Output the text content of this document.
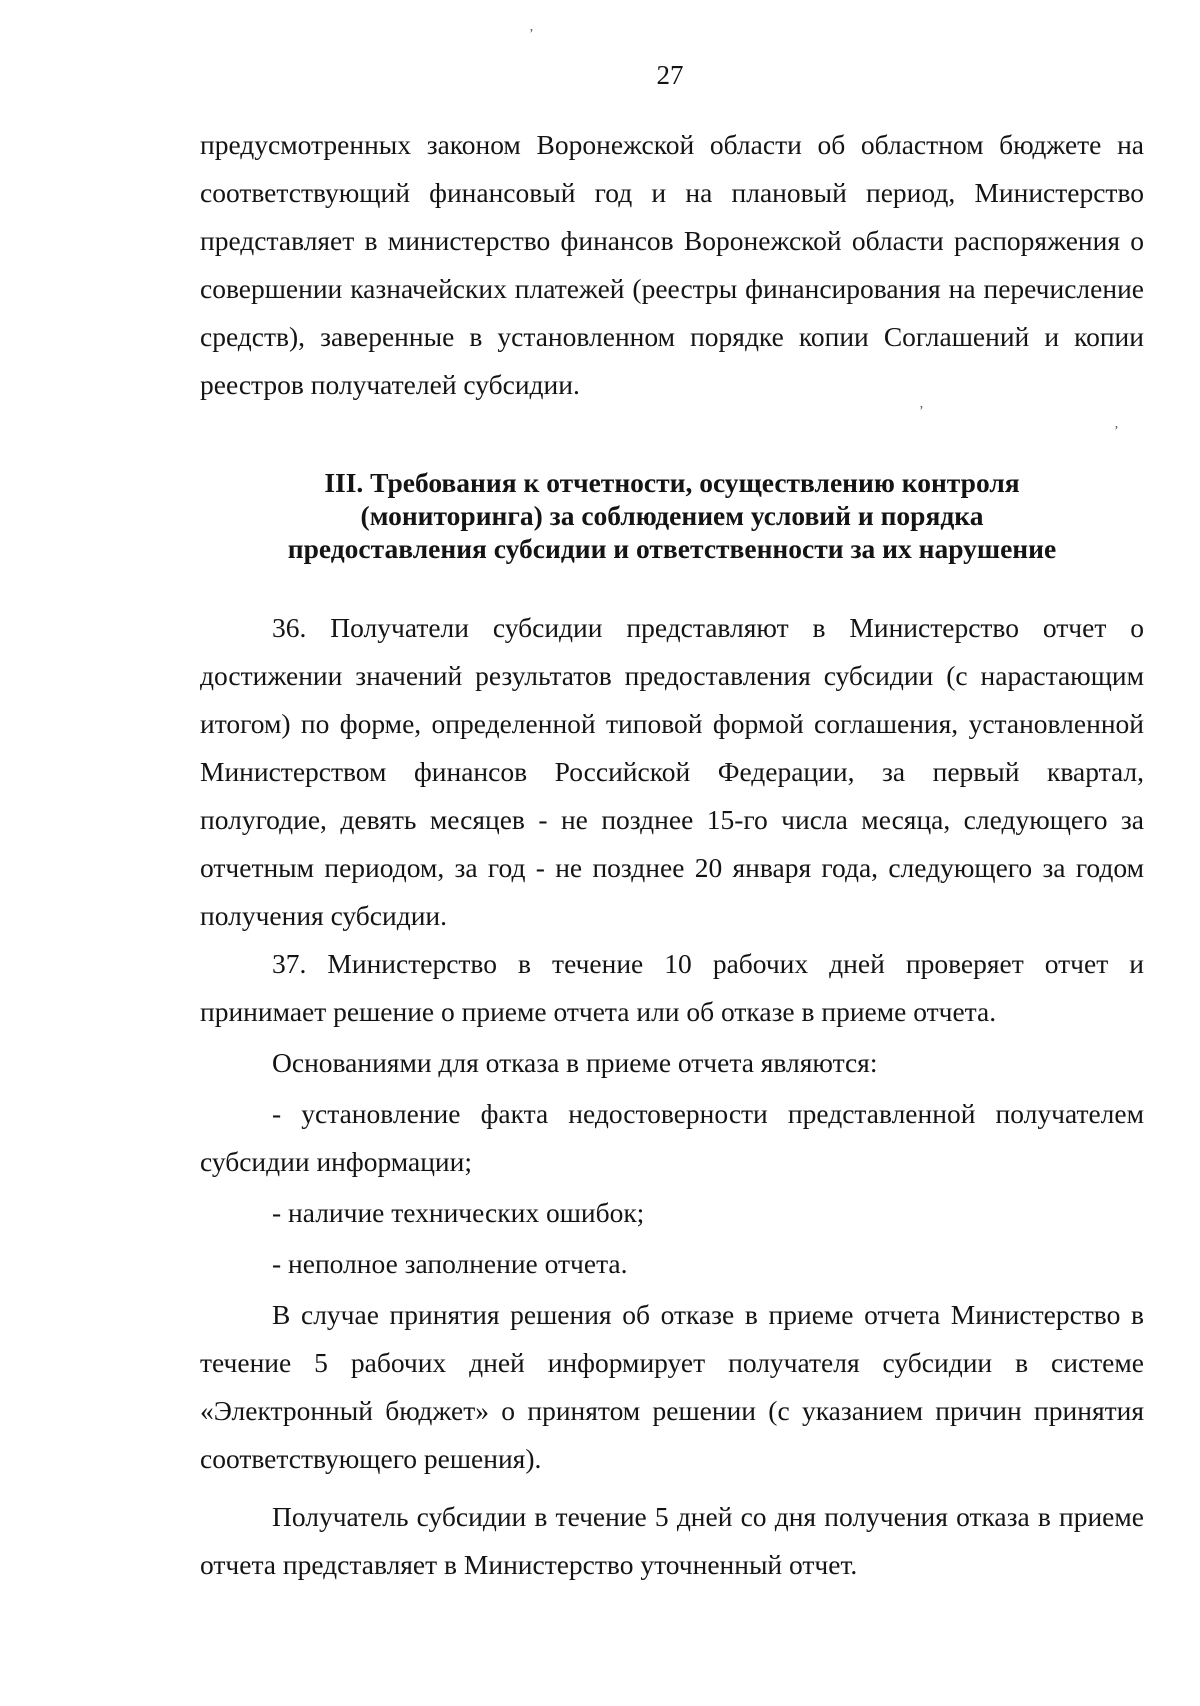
ʼ
27

предусмотренных законом Воронежской области об областном бюджете на соответствующий финансовый год и на плановый период, Министерство представляет в министерство финансов Воронежской области распоряжения о совершении казначейских платежей (реестры финансирования на перечисление средств), заверенные в установленном порядке копии Соглашений и копии реестров получателей субсидии.

ʼ
ʼ
III. Требования к отчетности, осуществлению контроля
(мониторинга) за соблюдением условий и порядка
предоставления субсидии и ответственности за их нарушение

36. Получатели субсидии представляют в Министерство отчет о достижении значений результатов предоставления субсидии (с нарастающим итогом) по форме, определенной типовой формой соглашения, установленной Министерством финансов Российской Федерации, за первый квартал, полугодие, девять месяцев - не позднее 15-го числа месяца, следующего за отчетным периодом, за год - не позднее 20 января года, следующего за годом получения субсидии.

37. Министерство в течение 10 рабочих дней проверяет отчет и принимает решение о приеме отчета или об отказе в приеме отчета.

Основаниями для отказа в приеме отчета являются:

- установление факта недостоверности представленной получателем субсидии информации;

- наличие технических ошибок;

- неполное заполнение отчета.

В случае принятия решения об отказе в приеме отчета Министерство в течение 5 рабочих дней информирует получателя субсидии в системе «Электронный бюджет» о принятом решении (с указанием причин принятия соответствующего решения).

Получатель субсидии в течение 5 дней со дня получения отказа в приеме отчета представляет в Министерство уточненный отчет.
